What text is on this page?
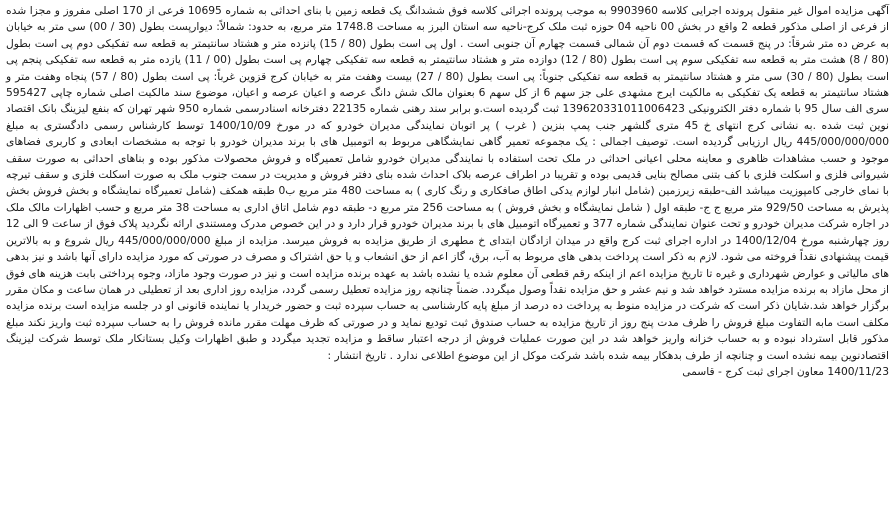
آگهی مزایده اموال غیر منقول پرونده اجرایی کلاسه 9903960 به موجب پرونده اجرائی کلاسه فوق ششدانگ یک قطعه زمین با بنای احداثی به شماره 10695 فرعی از 170 اصلی مفروز و مجزا شده از فرعی از اصلی مذکور قطعه 2 واقع در بخش 00 ناحیه 04 حوزه ثبت ملک کرج-ناحیه سه استان البرز به مساحت 1748.8 متر مربع، به حدود: شمالاً: دیوارپست بطول (30 / 00) سی متر به خیابان به عرض ده متر شرقاً: در پنج قسمت که قسمت دوم آن شمالی قسمت چهارم آن جنوبی است . اول پی است بطول (80 / 15) پانزده متر و هشتاد سانتیمتر به قطعه سه تفکیکی دوم پی است بطول (80 / 8) هشت متر به قطعه سه تفکیکی سوم پی است بطول (80 / 12) دوازده متر و هشتاد سانتیمتر به قطعه سه تفکیکی چهارم پی است بطول (00 / 11) یازده متر به قطعه سه تفکیکی پنجم پی است بطول (80 / 30) سی متر و هشتاد سانتیمتر به قطعه سه تفکیکی جنوباً: پی است بطول (80 / 27) بیست وهفت متر به خیابان کرج قزوین غرباً: پی است بطول (80 / 57) پنجاه وهفت متر و هشتاد سانتیمتر به قطعه یک تفکیکی به مالکیت ایرج مشهدی علی جز سهم 6 از کل سهم 6 بعنوان مالک شش دانگ عرصه و اعیان عرصه و اعیان، موضوع سند مالکیت اصلی شماره چاپی 595427 سری الف سال 95 با شماره دفتر الکترونیکی 139620331011006423 ثبت گردیده است.و برابر سند رهنی شماره 22135 دفترخانه اسنادرسمی شماره 950 شهر تهران که بنفع لیزینگ بانک اقتصاد نوین ثبت شده .به نشانی کرج انتهای خ 45 متری گلشهر جنب پمپ بنزین ( غرب ) پر اتوبان نمایندگی مدیران خودرو که در مورخ 1400/10/09 توسط کارشناس رسمی دادگستری به مبلغ 445/000/000/000 ریال ارزیابی گردیده است. توصیف اجمالی : یک مجموعه تعمیر گاهی نمایشگاهی مربوط به اتومبیل های با برند مدیران خودرو با توجه به مشخصات ابعادی و کاربری فضاهای موجود و حسب مشاهدات ظاهری و معاینه محلی اعیانی احداثی در ملک تحت استفاده با نمایندگی مدیران خودرو شامل تعمیرگاه و فروش محصولات مذکور بوده و بناهای احداثی به صورت سقف شیروانی فلزی و اسکلت فلزی با کف بتنی مصالح بنایی قدیمی بوده و تقریبا در اطراف عرصه بلاک احداث شده بنای دفتر فروش و مدیریت در سمت جنوب ملک به صورت اسکلت فلزی و سقف تیرچه با نمای خارجی کامپوزیت میباشد الف-طبقه زیرزمین (شامل انبار لوازم یدکی اطاق صافکاری و رنگ کاری ) به مساحت 480 متر مربع ب0 طبقه همکف (شامل تعمیرگاه نمایشگاه و بخش فروش بخش پذیرش به مساحت 929/50 متر مربع ج ج- طبقه اول ( شامل نمایشگاه و بخش فروش ) به مساحت 256 متر مربع د- طبقه دوم شامل اتاق اداری به مساحت 38 متر مربع و حسب اظهارات مالک ملک در اجاره شرکت مدیران خودرو و تحت عنوان نمایندگی شماره 377 و تعمیرگاه اتومبیل های با برند مدیران خودرو قرار دارد و در این خصوص مدرک ومستندی ارائه نگردید پلاک فوق از ساعت 9 الی 12 روز چهارشنبه مورخ 1400/12/04 در اداره اجرای ثبت کرج واقع در میدان ازادگان ابتدای خ مطهری از طریق مزایده به فروش میرسد. مزایده از مبلغ 445/000/000/000 ریال شروع و به بالاترین قیمت پیشنهادی نقداً فروخته می شود. لازم به ذکر است پرداخت بدهی های مربوط به آب، برق، گاز اعم از حق انشعاب و یا حق اشتراک و مصرف در صورتی که مورد مزایده دارای آنها باشد و نیز بدهی های مالیاتی و عوارض شهرداری و غیره تا تاریخ مزایده اعم از اینکه رقم قطعی آن معلوم شده یا نشده باشد به عهده برنده مزایده است و نیز در صورت وجود مازاد، وجوه پرداختی بابت هزینه های فوق از محل مازاد به برنده مزایده مسترد خواهد شد و نیم عشر و حق مزایده نقداً وصول میگردد. ضمناً چنانچه روز مزایده تعطیل رسمی گردد، مزایده روز اداری بعد از تعطیلی در همان ساعت و مکان مقرر برگزار خواهد شد.شایان ذکر است که شرکت در مزایده منوط به پرداخت ده درصد از مبلغ پایه کارشناسی به حساب سپرده ثبت و حضور خریدار یا نماینده قانونی او در جلسه مزایده است برنده مزایده مکلف است مابه التفاوت مبلغ فروش را ظرف مدت پنج روز از تاریخ مزایده به حساب صندوق ثبت تودیع نماید و در صورتی که ظرف مهلت مقرر مانده فروش را به حساب سپرده ثبت واریز نکند مبلغ مذکور قابل استرداد نبوده و به حساب خزانه واریز خواهد شد در این صورت عملیات فروش از درجه اعتبار ساقط و مزایده تجدید میگردد و طبق اظهارات وکیل بستانکار ملک توسط شرکت لیزینگ اقتصادنوین بیمه نشده است و چنانچه از طرف بدهکار بیمه شده باشد شرکت موکل از این موضوع اطلاعی ندارد . تاریخ انتشار :

1400/11/23 معاون اجرای ثبت کرج - قاسمی
